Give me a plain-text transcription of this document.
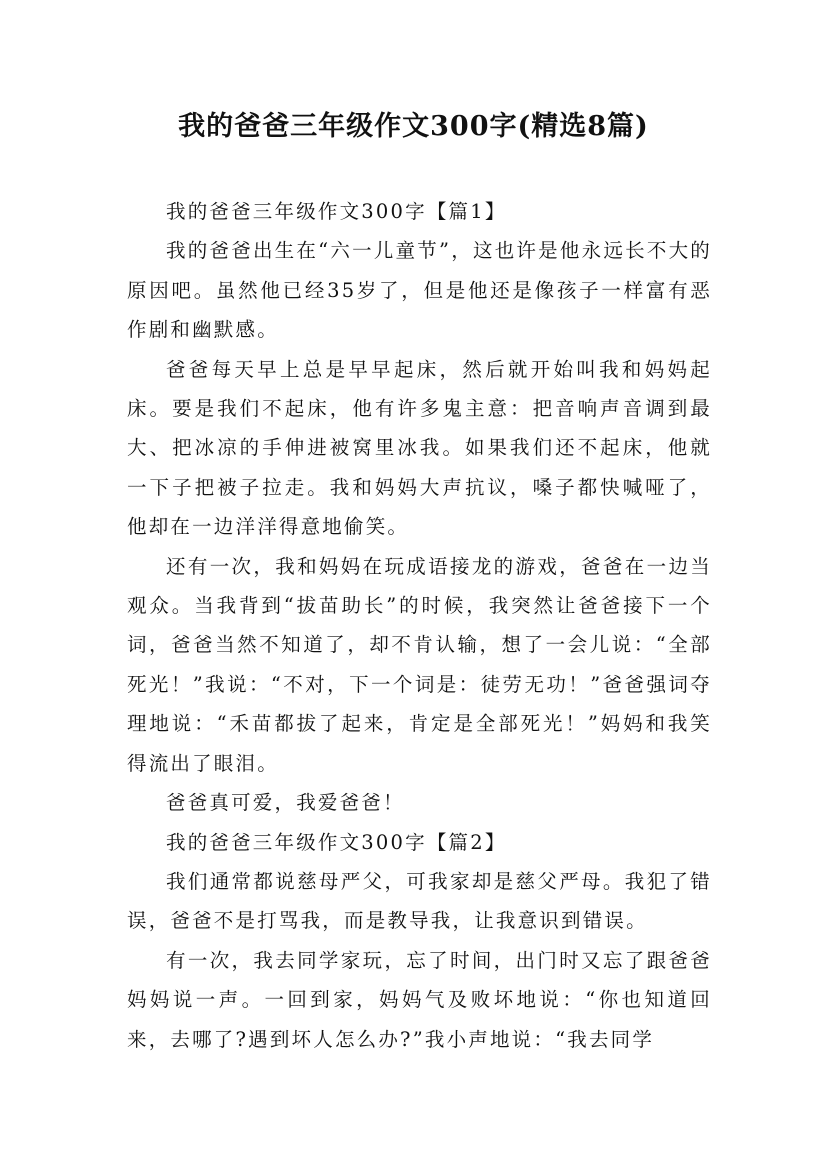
我的爸爸三年级作文300字(精选8篇)

我的爸爸三年级作文300字【篇1】

我的爸爸出生在“六一儿童节”，这也许是他永远长不大的原因吧。虽然他已经35岁了，但是他还是像孩子一样富有恶作剧和幽默感。

爸爸每天早上总是早早起床，然后就开始叫我和妈妈起床。要是我们不起床，他有许多鬼主意：把音响声音调到最大、把冰凉的手伸进被窝里冰我。如果我们还不起床，他就一下子把被子拉走。我和妈妈大声抗议，嗓子都快喊哑了，他却在一边洋洋得意地偷笑。

还有一次，我和妈妈在玩成语接龙的游戏，爸爸在一边当观众。当我背到“拔苗助长”的时候，我突然让爸爸接下一个词，爸爸当然不知道了，却不肯认输，想了一会儿说：“全部死光！”我说：“不对，下一个词是：徒劳无功！”爸爸强词夺理地说：“禾苗都拔了起来，肯定是全部死光！”妈妈和我笑得流出了眼泪。

爸爸真可爱，我爱爸爸！

我的爸爸三年级作文300字【篇2】

我们通常都说慈母严父，可我家却是慈父严母。我犯了错误，爸爸不是打骂我，而是教导我，让我意识到错误。

有一次，我去同学家玩，忘了时间，出门时又忘了跟爸爸妈妈说一声。一回到家，妈妈气及败坏地说：“你也知道回来，去哪了?遇到坏人怎么办?”我小声地说：“我去同学
